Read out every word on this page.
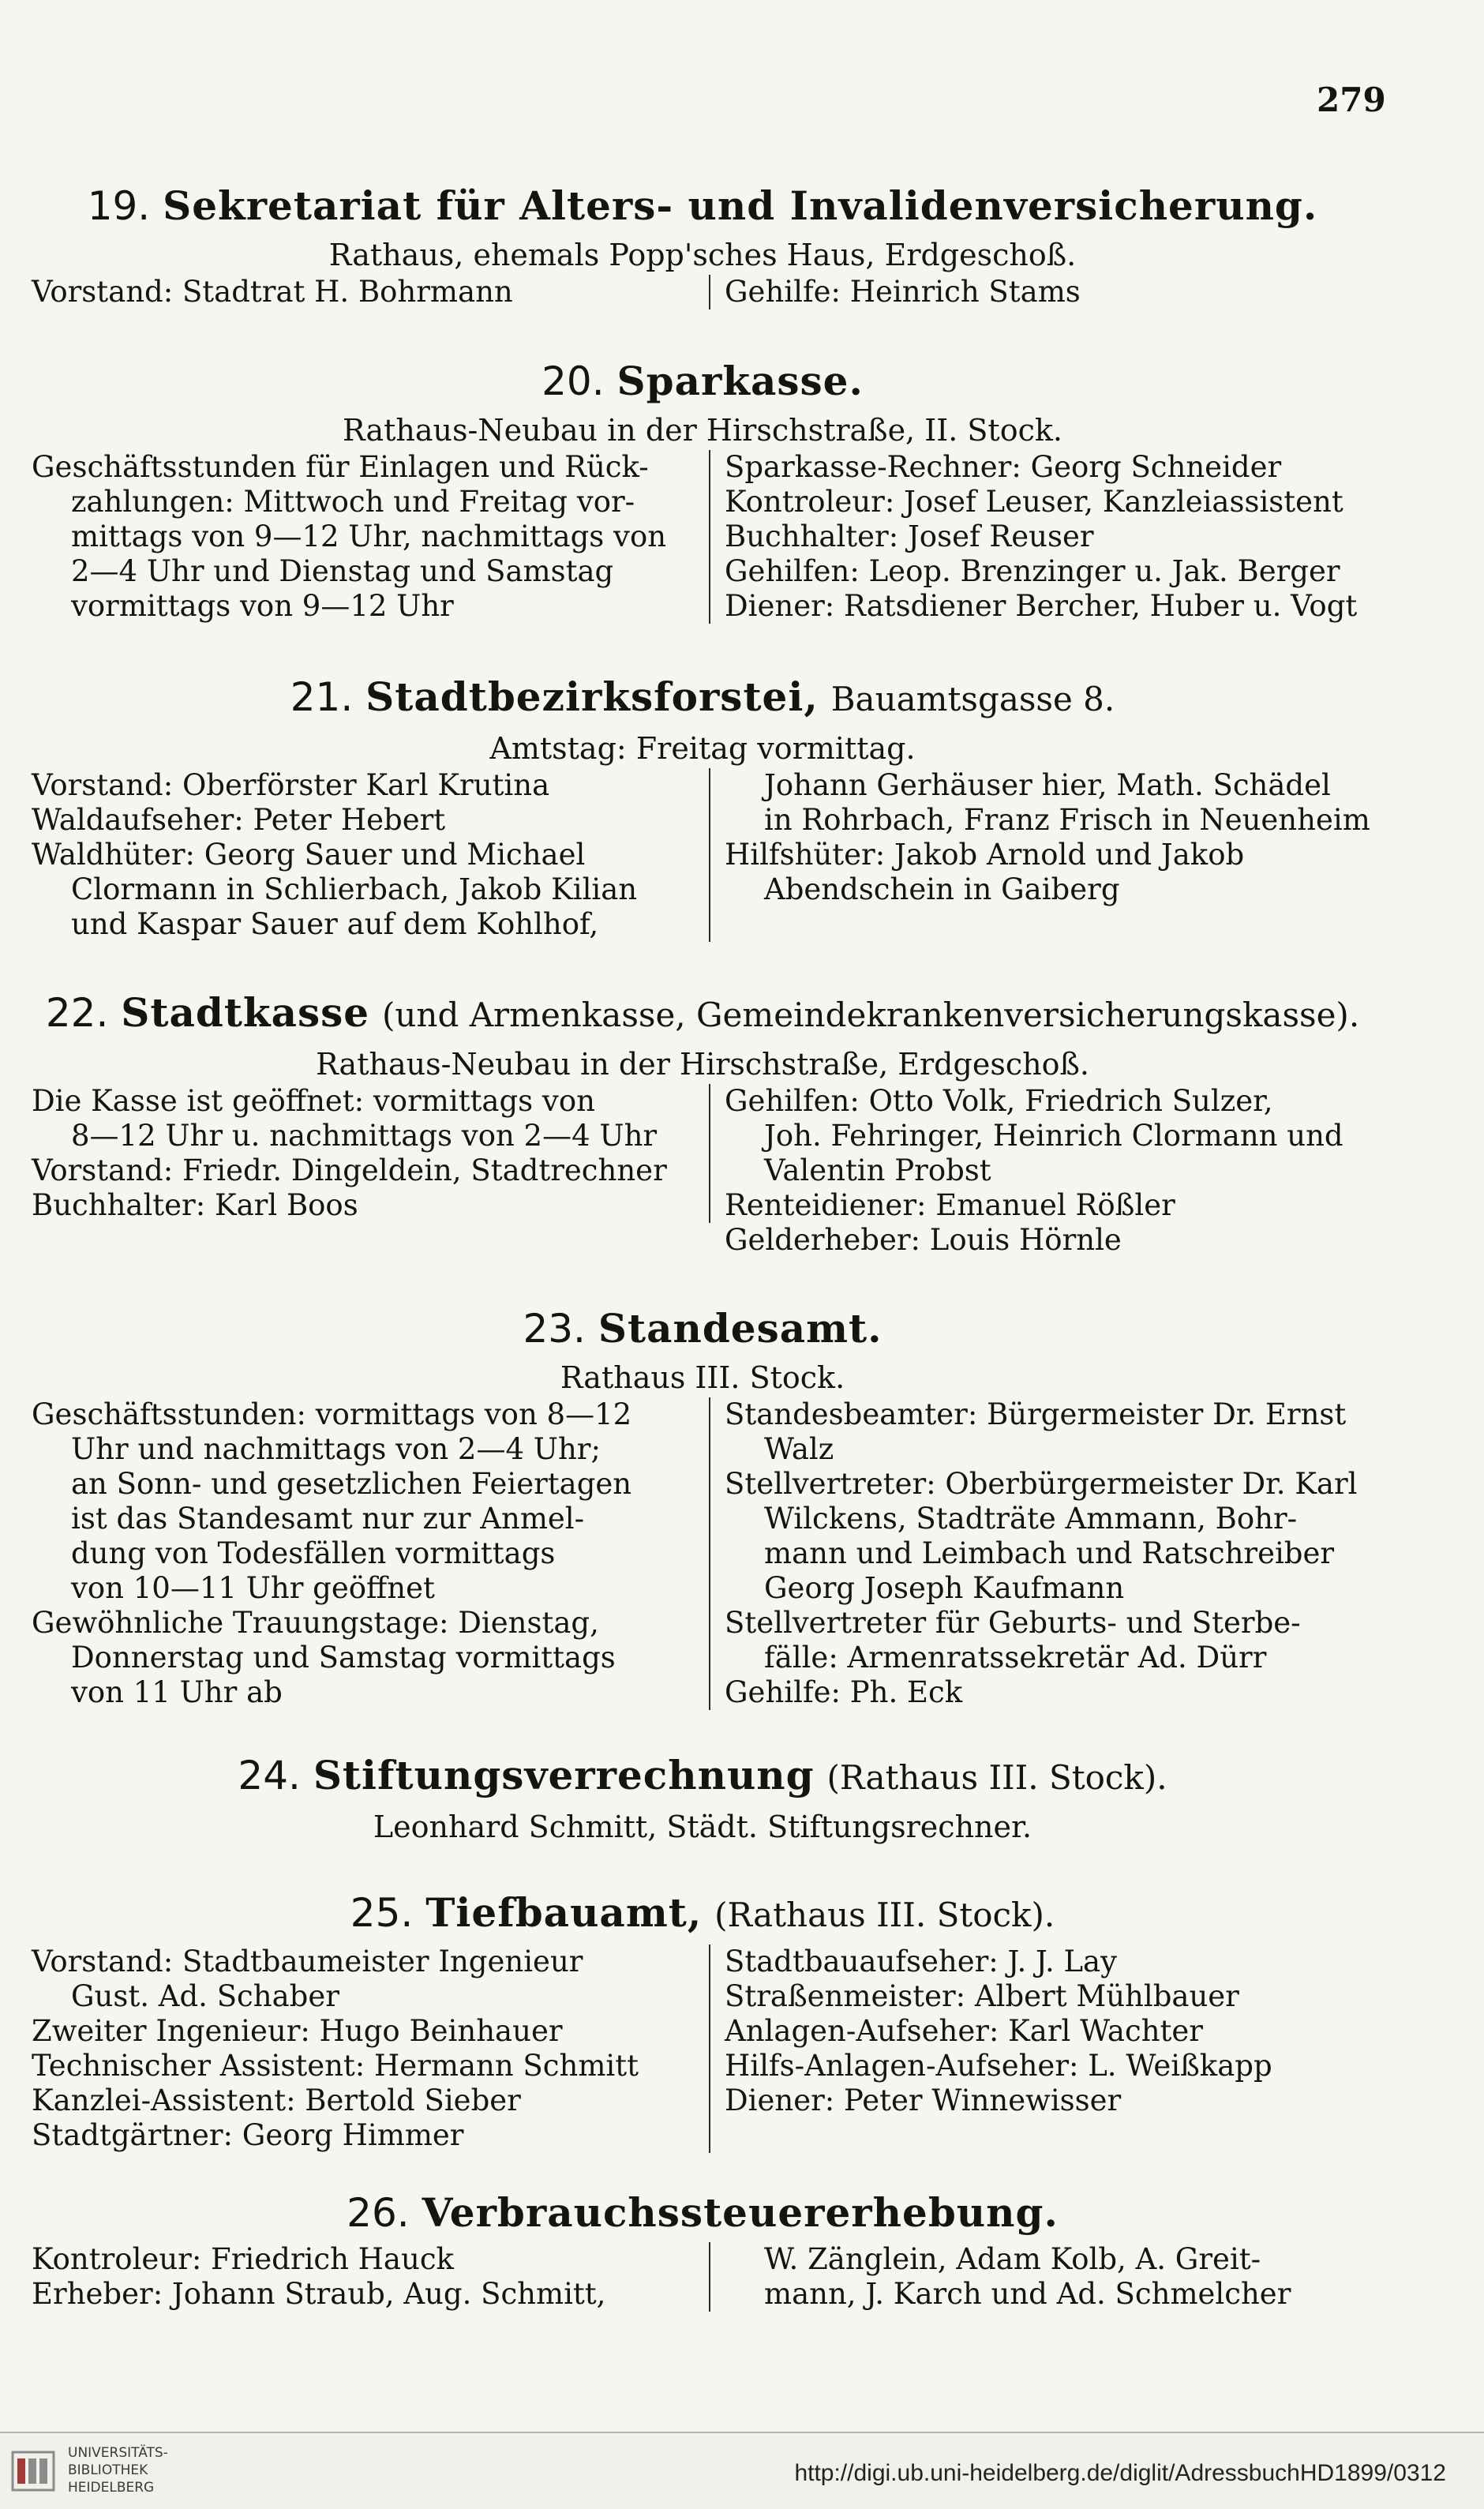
279
19. Sekretariat für Alters- und Invalidenversicherung.
Rathaus, ehemals Popp'sches Haus, Erdgeschoß.

Vorstand: Stadtrat H. Bohrmann	Gehilfe: Heinrich Stams

20. Sparkasse.
Rathaus-Neubau in der Hirschstraße, II. Stock.

Geschäftsstunden für Einlagen und Rück-

zahlungen: Mittwoch und Freitag vor-

mittags von 9—12 Uhr, nachmittags von

2—4 Uhr und Dienstag und Samstag

vormittags von 9—12 Uhr

Sparkasse-Rechner: Georg Schneider

Kontroleur: Josef Leuser, Kanzleiassistent

Buchhalter: Josef Reuser

Gehilfen: Leop. Brenzinger u. Jak. Berger

Diener: Ratsdiener Bercher, Huber u. Vogt

21. Stadtbezirksforstei, Bauamtsgasse 8.
Amtstag: Freitag vormittag.

Vorstand: Oberförster Karl Krutina

Waldaufseher: Peter Hebert

Waldhüter: Georg Sauer und Michael

Clormann in Schlierbach, Jakob Kilian

und Kaspar Sauer auf dem Kohlhof,

Johann Gerhäuser hier, Math. Schädel

in Rohrbach, Franz Frisch in Neuenheim

Hilfshüter: Jakob Arnold und Jakob

Abendschein in Gaiberg

22. Stadtkasse (und Armenkasse, Gemeindekrankenversicherungskasse).
Rathaus-Neubau in der Hirschstraße, Erdgeschoß.

Die Kasse ist geöffnet: vormittags von

8—12 Uhr u. nachmittags von 2—4 Uhr

Vorstand: Friedr. Dingeldein, Stadtrechner

Buchhalter: Karl Boos

Gehilfen: Otto Volk, Friedrich Sulzer,

Joh. Fehringer, Heinrich Clormann und

Valentin Probst

Renteidiener: Emanuel Rößler

Gelderheber: Louis Hörnle

23. Standesamt.
Rathaus III. Stock.

Geschäftsstunden: vormittags von 8—12

Uhr und nachmittags von 2—4 Uhr;

an Sonn- und gesetzlichen Feiertagen

ist das Standesamt nur zur Anmel-

dung von Todesfällen vormittags

von 10—11 Uhr geöffnet

Gewöhnliche Trauungstage: Dienstag,

Donnerstag und Samstag vormittags

von 11 Uhr ab

Standesbeamter: Bürgermeister Dr. Ernst

Walz

Stellvertreter: Oberbürgermeister Dr. Karl

Wilckens, Stadträte Ammann, Bohr-

mann und Leimbach und Ratschreiber

Georg Joseph Kaufmann

Stellvertreter für Geburts- und Sterbe-

fälle: Armenratssekretär Ad. Dürr

Gehilfe: Ph. Eck

24. Stiftungsverrechnung (Rathaus III. Stock).
Leonhard Schmitt, Städt. Stiftungsrechner.
25. Tiefbauamt, (Rathaus III. Stock).

Vorstand: Stadtbaumeister Ingenieur

Gust. Ad. Schaber

Zweiter Ingenieur: Hugo Beinhauer

Technischer Assistent: Hermann Schmitt

Kanzlei-Assistent: Bertold Sieber

Stadtgärtner: Georg Himmer

Stadtbauaufseher: J. J. Lay

Straßenmeister: Albert Mühlbauer

Anlagen-Aufseher: Karl Wachter

Hilfs-Anlagen-Aufseher: L. Weißkapp

Diener: Peter Winnewisser

26. Verbrauchssteuererhebung.

Kontroleur: Friedrich Hauck

Erheber: Johann Straub, Aug. Schmitt,

W. Zänglein, Adam Kolb, A. Greit-

mann, J. Karch und Ad. Schmelcher

UNIVERSITÄTS-
BIBLIOTHEK
HEIDELBERG
http://digi.ub.uni-heidelberg.de/diglit/AdressbuchHD1899/0312
